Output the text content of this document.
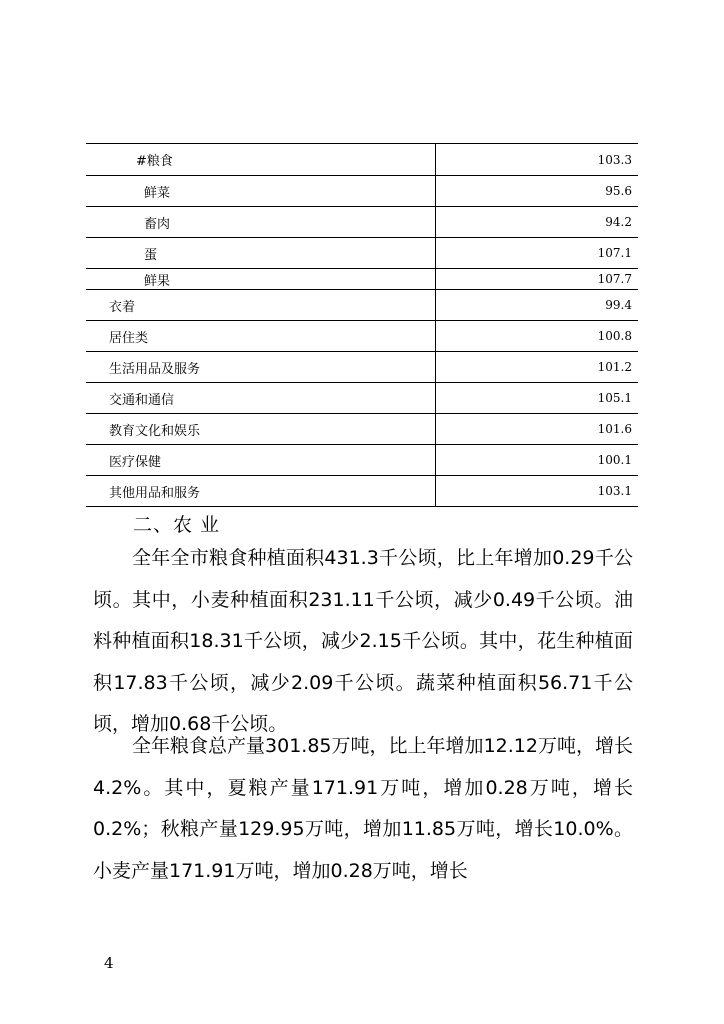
#粮食	103.3
鲜菜	95.6
畜肉	94.2
蛋	107.1
鲜果	107.7
衣着	99.4
居住类	100.8
生活用品及服务	101.2
交通和通信	105.1
教育文化和娱乐	101.6
医疗保健	100.1
其他用品和服务	103.1
二、农 业

全年全市粮食种植面积431.3千公顷，比上年增加0.29千公顷。其中，小麦种植面积231.11千公顷，减少0.49千公顷。油料种植面积18.31千公顷，减少2.15千公顷。其中，花生种植面积17.83千公顷，减少2.09千公顷。蔬菜种植面积56.71千公顷，增加0.68千公顷。

全年粮食总产量301.85万吨，比上年增加12.12万吨，增长4.2%。其中，夏粮产量171.91万吨，增加0.28万吨，增长0.2%；秋粮产量129.95万吨，增加11.85万吨，增长10.0%。小麦产量171.91万吨，增加0.28万吨，增长

4
